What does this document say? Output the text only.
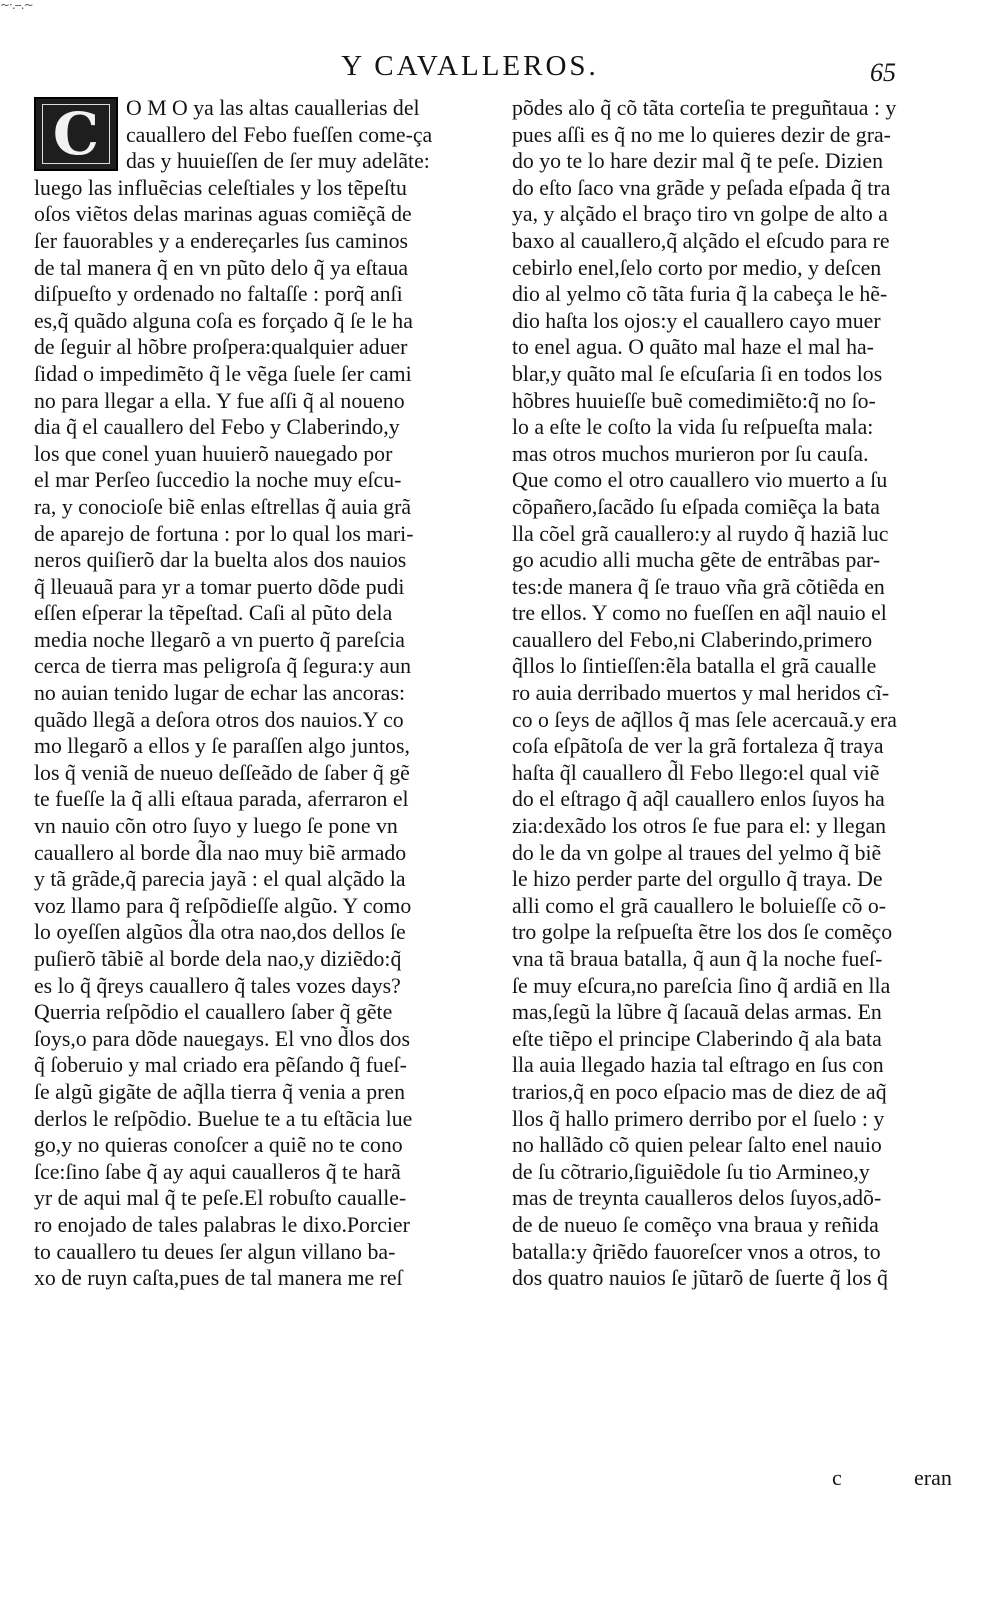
~·.--.~
Y CAVALLEROS.	65
C	O M O ya las altas cauallerias del
cauallero del Febo fueſſen come-ça
das y huuieſſen de ſer muy adelãte:
luego las influẽcias celeſtiales y los tẽpeſtu
oſos viẽtos delas marinas aguas comiẽçã de
ſer fauorables y a endereçarles ſus caminos
de tal manera q̃ en vn pũto delo q̃ ya eſtaua
diſpueſto y ordenado no faltaſſe : porq̃ anſi
es,q̃ quãdo alguna coſa es forçado q̃ ſe le ha
de ſeguir al hõbre proſpera:qualquier aduer
ſidad o impedimẽto q̃ le vẽga ſuele ſer cami
no para llegar a ella. Y fue aſſi q̃ al noueno
dia q̃ el cauallero del Febo y Claberindo,y
los que conel yuan huuierõ nauegado por
el mar Perſeo ſuccedio la noche muy eſcu-
ra, y conocioſe biẽ enlas eſtrellas q̃ auia grã
de aparejo de fortuna : por lo qual los mari-
neros quiſierõ dar la buelta alos dos nauios
q̃ lleuauã para yr a tomar puerto dõde pudi
eſſen eſperar la tẽpeſtad. Caſi al pũto dela
media noche llegarõ a vn puerto q̃ pareſcia
cerca de tierra mas peligroſa q̃ ſegura:y aun
no auian tenido lugar de echar las ancoras:
quãdo llegã a deſora otros dos nauios.Y co
mo llegarõ a ellos y ſe paraſſen algo juntos,
los q̃ veniã de nueuo deſſeãdo de ſaber q̃ gẽ
te fueſſe la q̃ alli eſtaua parada, aferraron el
vn nauio cõn otro ſuyo y luego ſe pone vn
cauallero al borde d̃la nao muy biẽ armado
y tã grãde,q̃ parecia jayã : el qual alçãdo la
voz llamo para q̃ reſpõdieſſe algũo. Y como
lo oyeſſen algũos d̃la otra nao,dos dellos ſe
puſierõ tãbiẽ al borde dela nao,y diziẽdo:q̃
es lo q̃ q̃reys cauallero q̃ tales vozes days?
Querria reſpõdio el cauallero ſaber q̃ gẽte
ſoys,o para dõde nauegays. El vno d̃los dos
q̃ ſoberuio y mal criado era pẽſando q̃ fueſ-
ſe algũ gigãte de aq̃lla tierra q̃ venia a pren
derlos le reſpõdio. Buelue te a tu eſtãcia lue
go,y no quieras conoſcer a quiẽ no te cono
ſce:ſino ſabe q̃ ay aqui caualleros q̃ te harã
yr de aqui mal q̃ te peſe.El robuſto caualle-
ro enojado de tales palabras le dixo.Porcier
to cauallero tu deues ſer algun villano ba-
xo de ruyn caſta,pues de tal manera me reſ
põdes alo q̃ cõ tãta corteſia te preguñtaua : y
pues aſſi es q̃ no me lo quieres dezir de gra-
do yo te lo hare dezir mal q̃ te peſe. Dizien
do eſto ſaco vna grãde y peſada eſpada q̃ tra
ya, y alçãdo el braço tiro vn golpe de alto a
baxo al cauallero,q̃ alçãdo el eſcudo para re
cebirlo enel,ſelo corto por medio, y deſcen
dio al yelmo cõ tãta furia q̃ la cabeça le hẽ-
dio haſta los ojos:y el cauallero cayo muer
to enel agua. O quãto mal haze el mal ha-
blar,y quãto mal ſe eſcuſaria ſi en todos los
hõbres huuieſſe buẽ comedimiẽto:q̃ no ſo-
lo a eſte le coſto la vida ſu reſpueſta mala:
mas otros muchos murieron por ſu cauſa.
Que como el otro cauallero vio muerto a ſu
cõpañero,ſacãdo ſu eſpada comiẽça la bata
lla cõel grã cauallero:y al ruydo q̃ haziã luc
go acudio alli mucha gẽte de entrãbas par-
tes:de manera q̃ ſe trauo vña grã cõtiẽda en
tre ellos. Y como no fueſſen en aq̃l nauio el
cauallero del Febo,ni Claberindo,primero
q̃llos lo ſintieſſen:ẽla batalla el grã caualle
ro auia derribado muertos y mal heridos cĩ-
co o ſeys de aq̃llos q̃ mas ſele acercauã.y era
coſa eſpãtoſa de ver la grã fortaleza q̃ traya
haſta q̃l cauallero d̃l Febo llego:el qual viẽ
do el eſtrago q̃ aq̃l cauallero enlos ſuyos ha
zia:dexãdo los otros ſe fue para el: y llegan
do le da vn golpe al traues del yelmo q̃ biẽ
le hizo perder parte del orgullo q̃ traya. De
alli como el grã cauallero le boluieſſe cõ o-
tro golpe la reſpueſta ẽtre los dos ſe comẽço
vna tã braua batalla, q̃ aun q̃ la noche fueſ-
ſe muy eſcura,no pareſcia ſino q̃ ardiã en lla
mas,ſegũ la lũbre q̃ ſacauã delas armas. En
eſte tiẽpo el principe Claberindo q̃ ala bata
lla auia llegado hazia tal eſtrago en ſus con
trarios,q̃ en poco eſpacio mas de diez de aq̃
llos q̃ hallo primero derribo por el ſuelo : y
no hallãdo cõ quien pelear ſalto enel nauio
de ſu cõtrario,ſiguiẽdole ſu tio Armineo,y
mas de treynta caualleros delos ſuyos,adõ-
de de nueuo ſe comẽço vna braua y reñida
batalla:y q̃riẽdo fauoreſcer vnos a otros, to
dos quatro nauios ſe jũtarõ de ſuerte q̃ los q̃
c	eran
